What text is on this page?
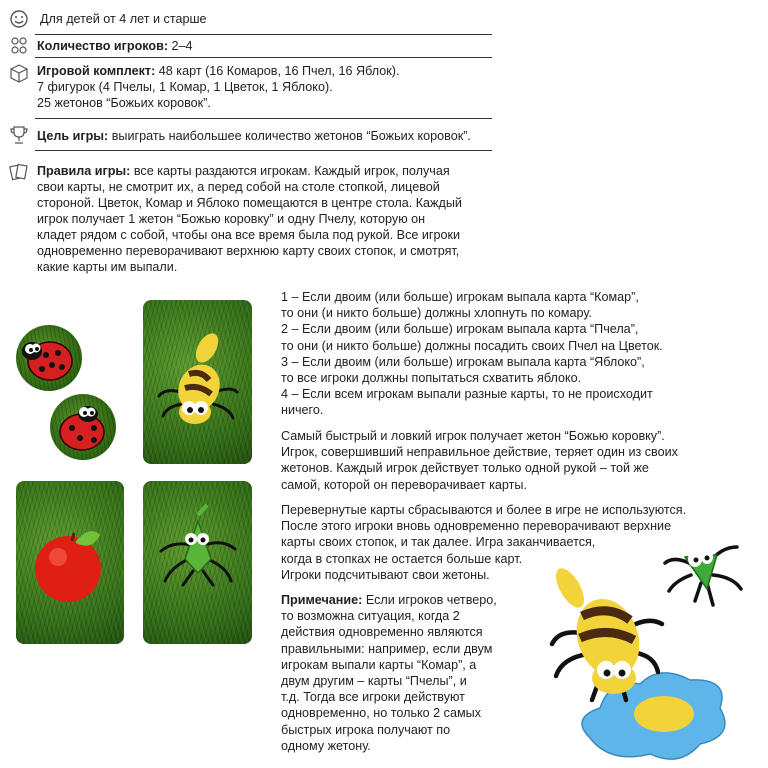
Для детей от 4 лет и старше
Количество игроков: 2–4
Игровой комплект: 48 карт (16 Комаров, 16 Пчел, 16 Яблок).
7 фигурок (4 Пчелы, 1 Комар, 1 Цветок, 1 Яблоко).
25 жетонов “Божьих коровок”.
Цель игры: выиграть наибольшее количество жетонов “Божьих коровок”.
Правила игры: все карты раздаются игрокам. Каждый игрок, получая
свои карты, не смотрит их, а перед собой на столе стопкой, лицевой
стороной. Цветок, Комар и Яблоко помещаются в центре стола. Каждый
игрок получает 1 жетон “Божью коровку” и одну Пчелу, которую он
кладет рядом с собой, чтобы она все время была под рукой. Все игроки
одновременно переворачивают верхнюю карту своих стопок, и смотрят,
какие карты им выпали.

1 – Если двоим (или больше) игрокам выпала карта “Комар”,

то они (и никто больше) должны хлопнуть по комару.

2 – Если двоим (или больше) игрокам выпала карта “Пчела”,

то они (и никто больше) должны посадить своих Пчел на Цветок.

3 – Если двоим (или больше) игрокам выпала карта “Яблоко”,

то все игроки должны попытаться схватить яблоко.

4 – Если всем игрокам выпали разные карты, то не происходит

ничего.

Самый быстрый и ловкий игрок получает жетон “Божью коровку”.

Игрок, совершивший неправильное действие, теряет один из своих

жетонов. Каждый игрок действует только одной рукой – той же

самой, которой он переворачивает карты.

Перевернутые карты сбрасываются и более в игре не используются.

После этого игроки вновь одновременно переворачивают верхние

карты своих стопок, и так далее. Игра заканчивается,

когда в стопках не остается больше карт.

Игроки подсчитывают свои жетоны.

Примечание: Если игроков четверо,

то возможна ситуация, когда 2

действия одновременно являются

правильными: например, если двум

игрокам выпали карты “Комар”, а

двум другим – карты “Пчелы”, и

т.д. Тогда все игроки действуют

одновременно, но только 2 самых

быстрых игрока получают по

одному жетону.
